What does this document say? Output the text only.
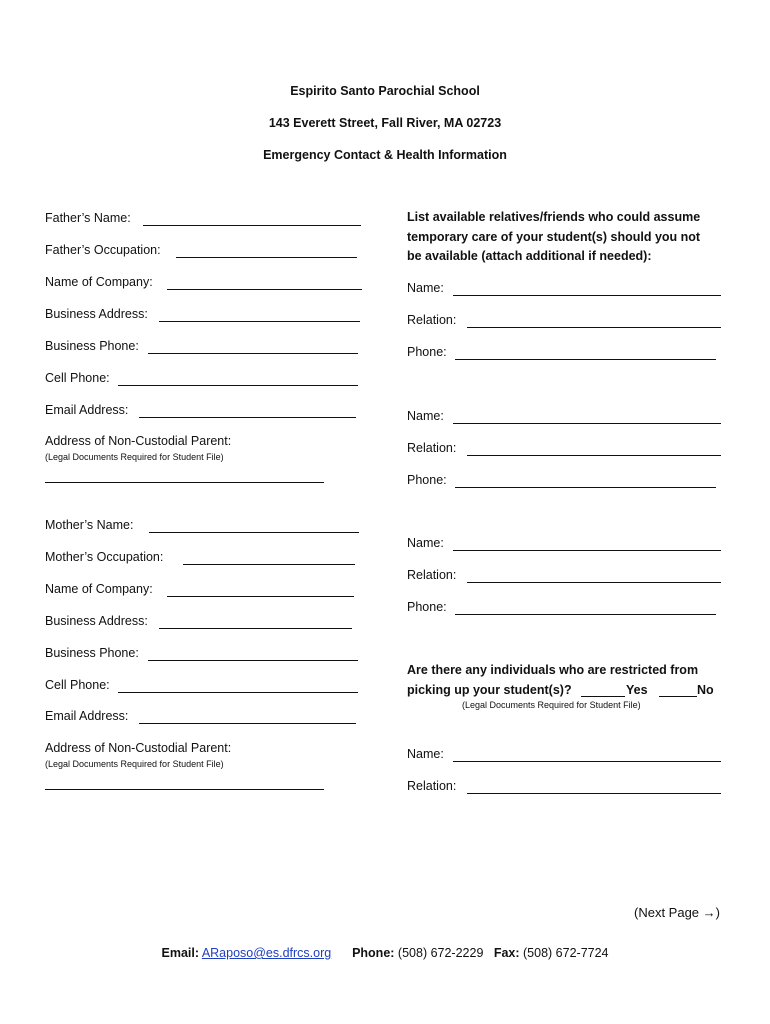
Espirito Santo Parochial School
143 Everett Street, Fall River, MA 02723
Emergency Contact & Health Information
Father’s Name:
Father’s Occupation:
Name of Company:
Business Address:
Business Phone:
Cell Phone:
Email Address:
Address of Non-Custodial Parent:
(Legal Documents Required for Student File)
Mother’s Name:
Mother’s Occupation:
Name of Company:
Business Address:
Business Phone:
Cell Phone:
Email Address:
Address of Non-Custodial Parent:
(Legal Documents Required for Student File)
List available relatives/friends who could assume
temporary care of your student(s) should you not
be available (attach additional if needed):
Name:
Relation:
Phone:
Name:
Relation:
Phone:
Name:
Relation:
Phone:
Are there any individuals who are restricted from
picking up your student(s)?	Yes	No
(Legal Documents Required for Student File)
Name:
Relation:
(Next Page →)
Email: ARaposo@es.dfrcs.org Phone: (508) 672-2229 Fax: (508) 672-7724
